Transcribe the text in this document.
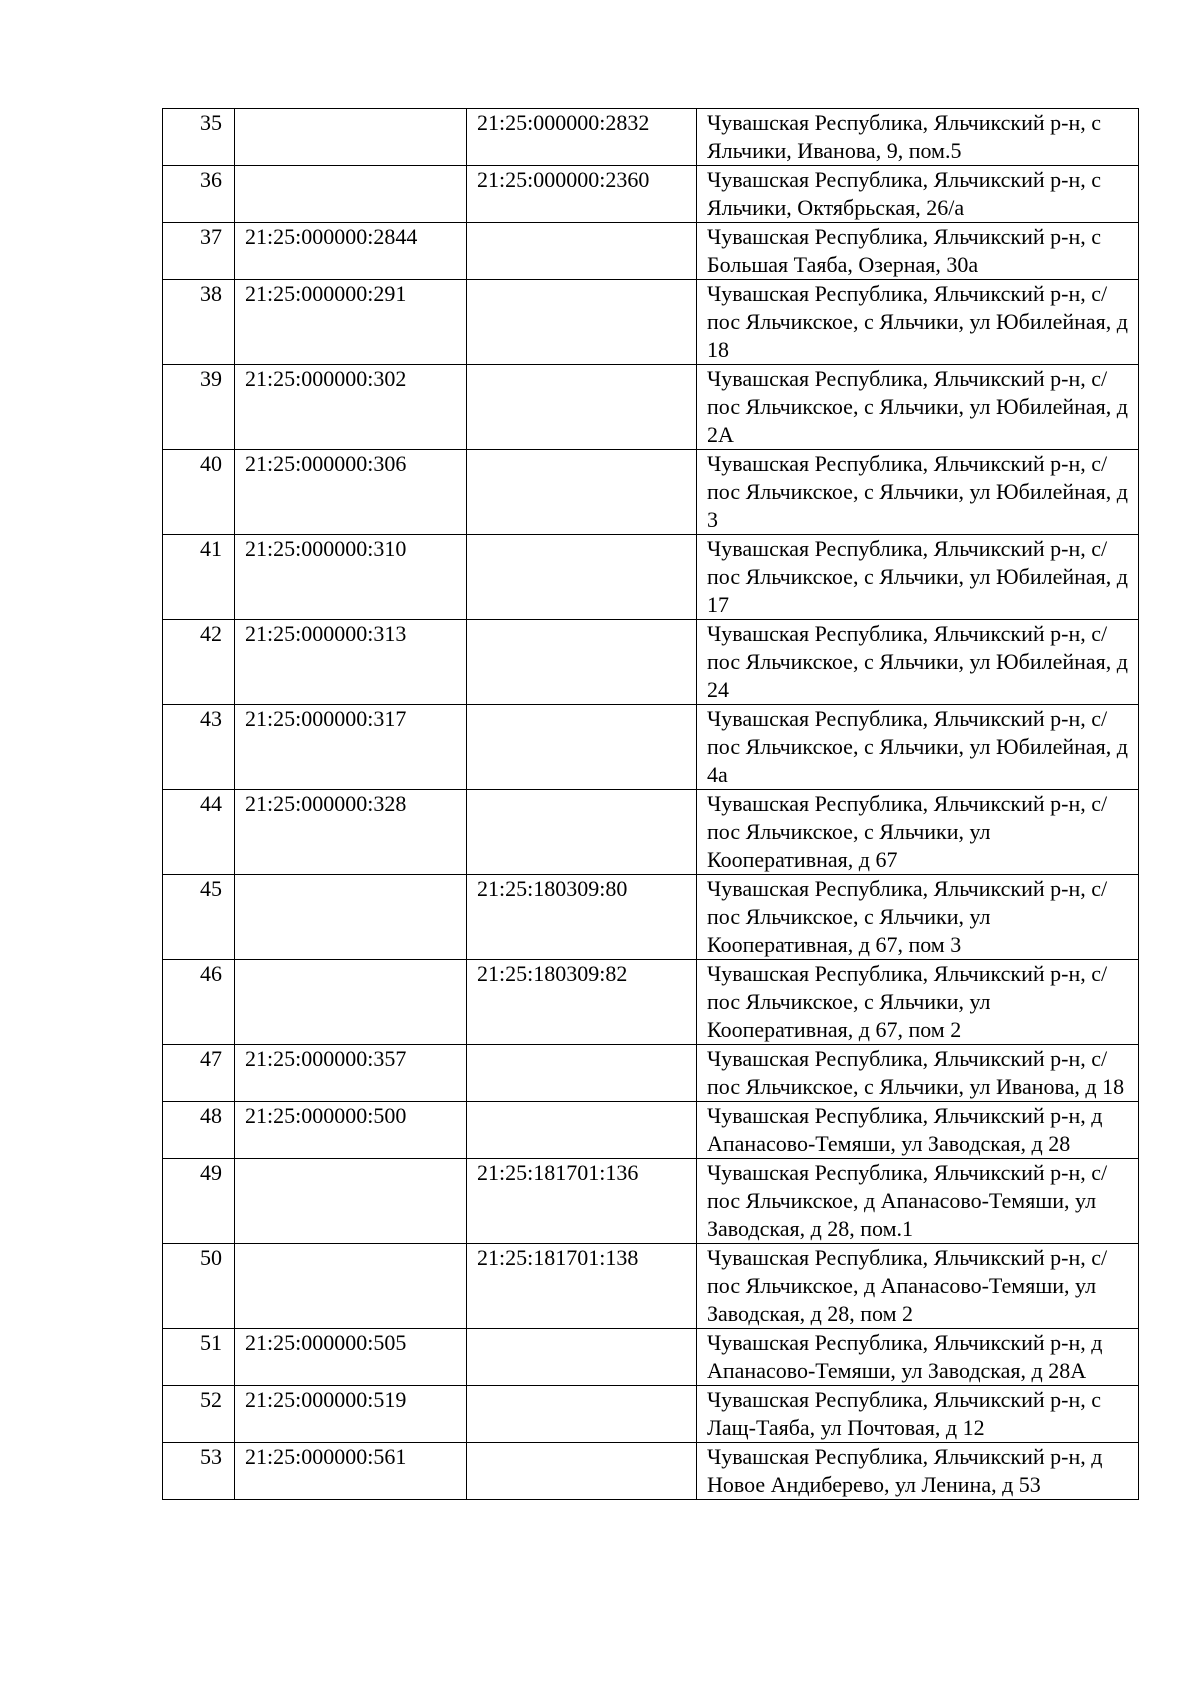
35		21:25:000000:2832	Чувашская Республика, Яльчикский р-н, с Яльчики, Иванова, 9, пом.5
36		21:25:000000:2360	Чувашская Республика, Яльчикский р-н, с Яльчики, Октябрьская, 26/а
37	21:25:000000:2844		Чувашская Республика, Яльчикский р-н, с Большая Таяба, Озерная, 30а
38	21:25:000000:291		Чувашская Республика, Яльчикский р-н, с/пос Яльчикское, с Яльчики, ул Юбилейная, д 18
39	21:25:000000:302		Чувашская Республика, Яльчикский р-н, с/пос Яльчикское, с Яльчики, ул Юбилейная, д 2А
40	21:25:000000:306		Чувашская Республика, Яльчикский р-н, с/пос Яльчикское, с Яльчики, ул Юбилейная, д 3
41	21:25:000000:310		Чувашская Республика, Яльчикский р-н, с/пос Яльчикское, с Яльчики, ул Юбилейная, д 17
42	21:25:000000:313		Чувашская Республика, Яльчикский р-н, с/пос Яльчикское, с Яльчики, ул Юбилейная, д 24
43	21:25:000000:317		Чувашская Республика, Яльчикский р-н, с/пос Яльчикское, с Яльчики, ул Юбилейная, д 4а
44	21:25:000000:328		Чувашская Республика, Яльчикский р-н, с/пос Яльчикское, с Яльчики, ул Кооперативная, д 67
45		21:25:180309:80	Чувашская Республика, Яльчикский р-н, с/пос Яльчикское, с Яльчики, ул Кооперативная, д 67, пом 3
46		21:25:180309:82	Чувашская Республика, Яльчикский р-н, с/пос Яльчикское, с Яльчики, ул Кооперативная, д 67, пом 2
47	21:25:000000:357		Чувашская Республика, Яльчикский р-н, с/пос Яльчикское, с Яльчики, ул Иванова, д 18
48	21:25:000000:500		Чувашская Республика, Яльчикский р-н, д Апанасово-Темяши, ул Заводская, д 28
49		21:25:181701:136	Чувашская Республика, Яльчикский р-н, с/пос Яльчикское, д Апанасово-Темяши, ул Заводская, д 28, пом.1
50		21:25:181701:138	Чувашская Республика, Яльчикский р-н, с/пос Яльчикское, д Апанасово-Темяши, ул Заводская, д 28, пом 2
51	21:25:000000:505		Чувашская Республика, Яльчикский р-н, д Апанасово-Темяши, ул Заводская, д 28А
52	21:25:000000:519		Чувашская Республика, Яльчикский р-н, с Лащ-Таяба, ул Почтовая, д 12
53	21:25:000000:561		Чувашская Республика, Яльчикский р-н, д Новое Андиберево, ул Ленина, д 53
